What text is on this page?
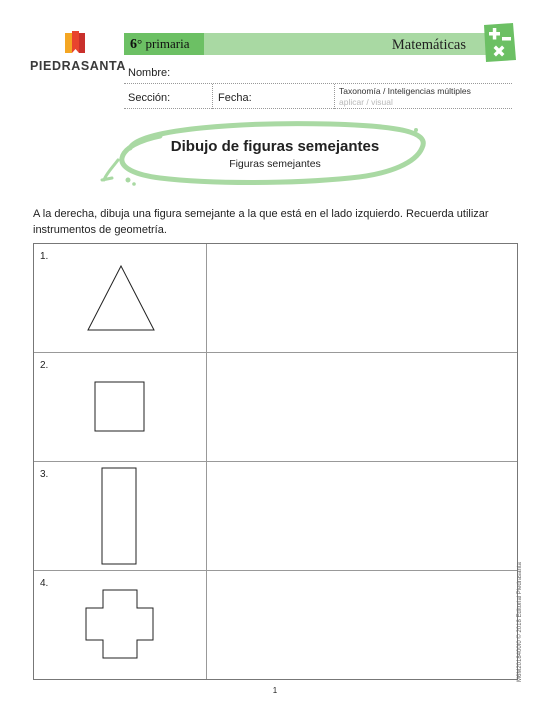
PIEDRASANTA
6° primaria	Matemáticas
Nombre:
Sección:	Fecha:
Taxonomía / Inteligencias múltiples
aplicar / visual
Dibujo de figuras semejantes
Figuras semejantes
A la derecha, dibuja una figura semejante a la que está en el lado izquierdo. Recuerda utilizar instrumentos de geometría.
1.
2.
3.
4.	M6M2018400I0 © 2018 Editorial Piedrasanta
1
